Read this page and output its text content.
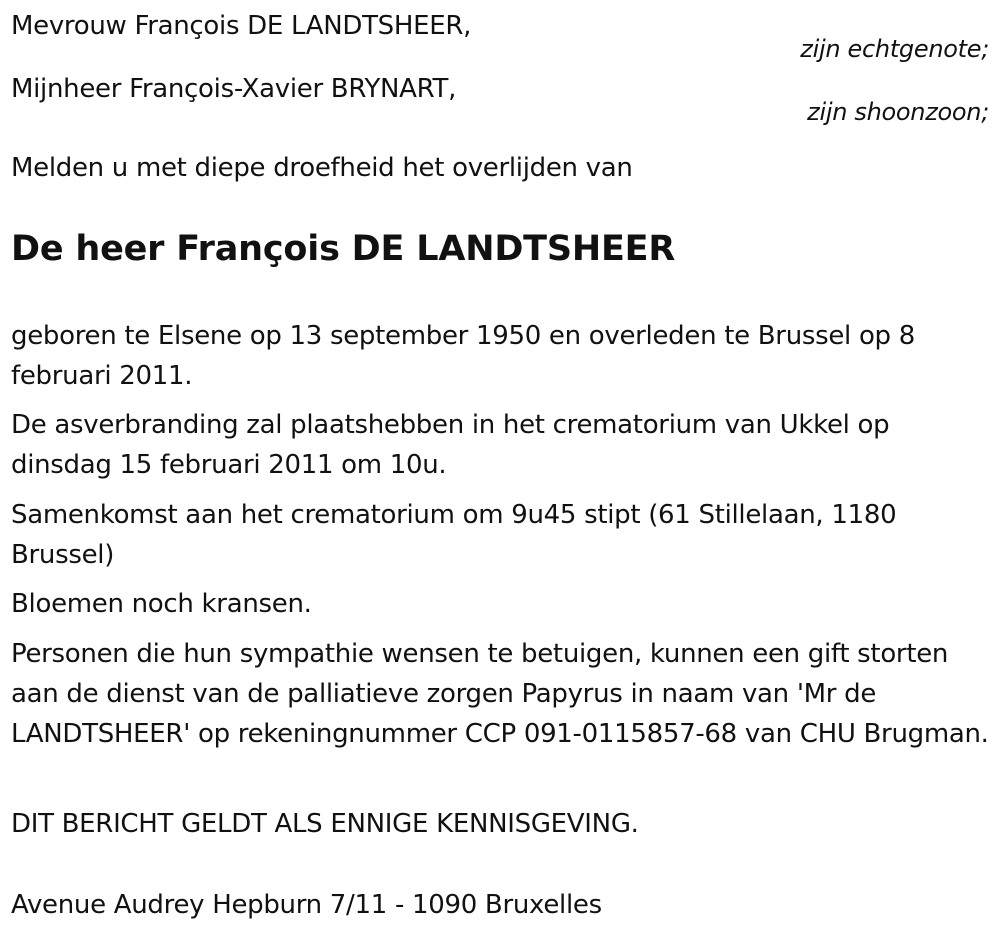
Mevrouw François DE LANDTSHEER,
zijn echtgenote;
Mijnheer François-Xavier BRYNART,
zijn shoonzoon;
Melden u met diepe droefheid het overlijden van
De heer François DE LANDTSHEER
geboren te Elsene op 13 september 1950 en overleden te Brussel op 8 februari 2011.
De asverbranding zal plaatshebben in het crematorium van Ukkel op dinsdag 15 februari 2011 om 10u.
Samenkomst aan het crematorium om 9u45 stipt (61 Stillelaan, 1180 Brussel)
Bloemen noch kransen.
Personen die hun sympathie wensen te betuigen, kunnen een gift storten aan de dienst van de palliatieve zorgen Papyrus in naam van 'Mr de LANDTSHEER' op rekeningnummer CCP 091-0115857-68 van CHU Brugman.
DIT BERICHT GELDT ALS ENNIGE KENNISGEVING.
Avenue Audrey Hepburn 7/11 - 1090 Bruxelles
